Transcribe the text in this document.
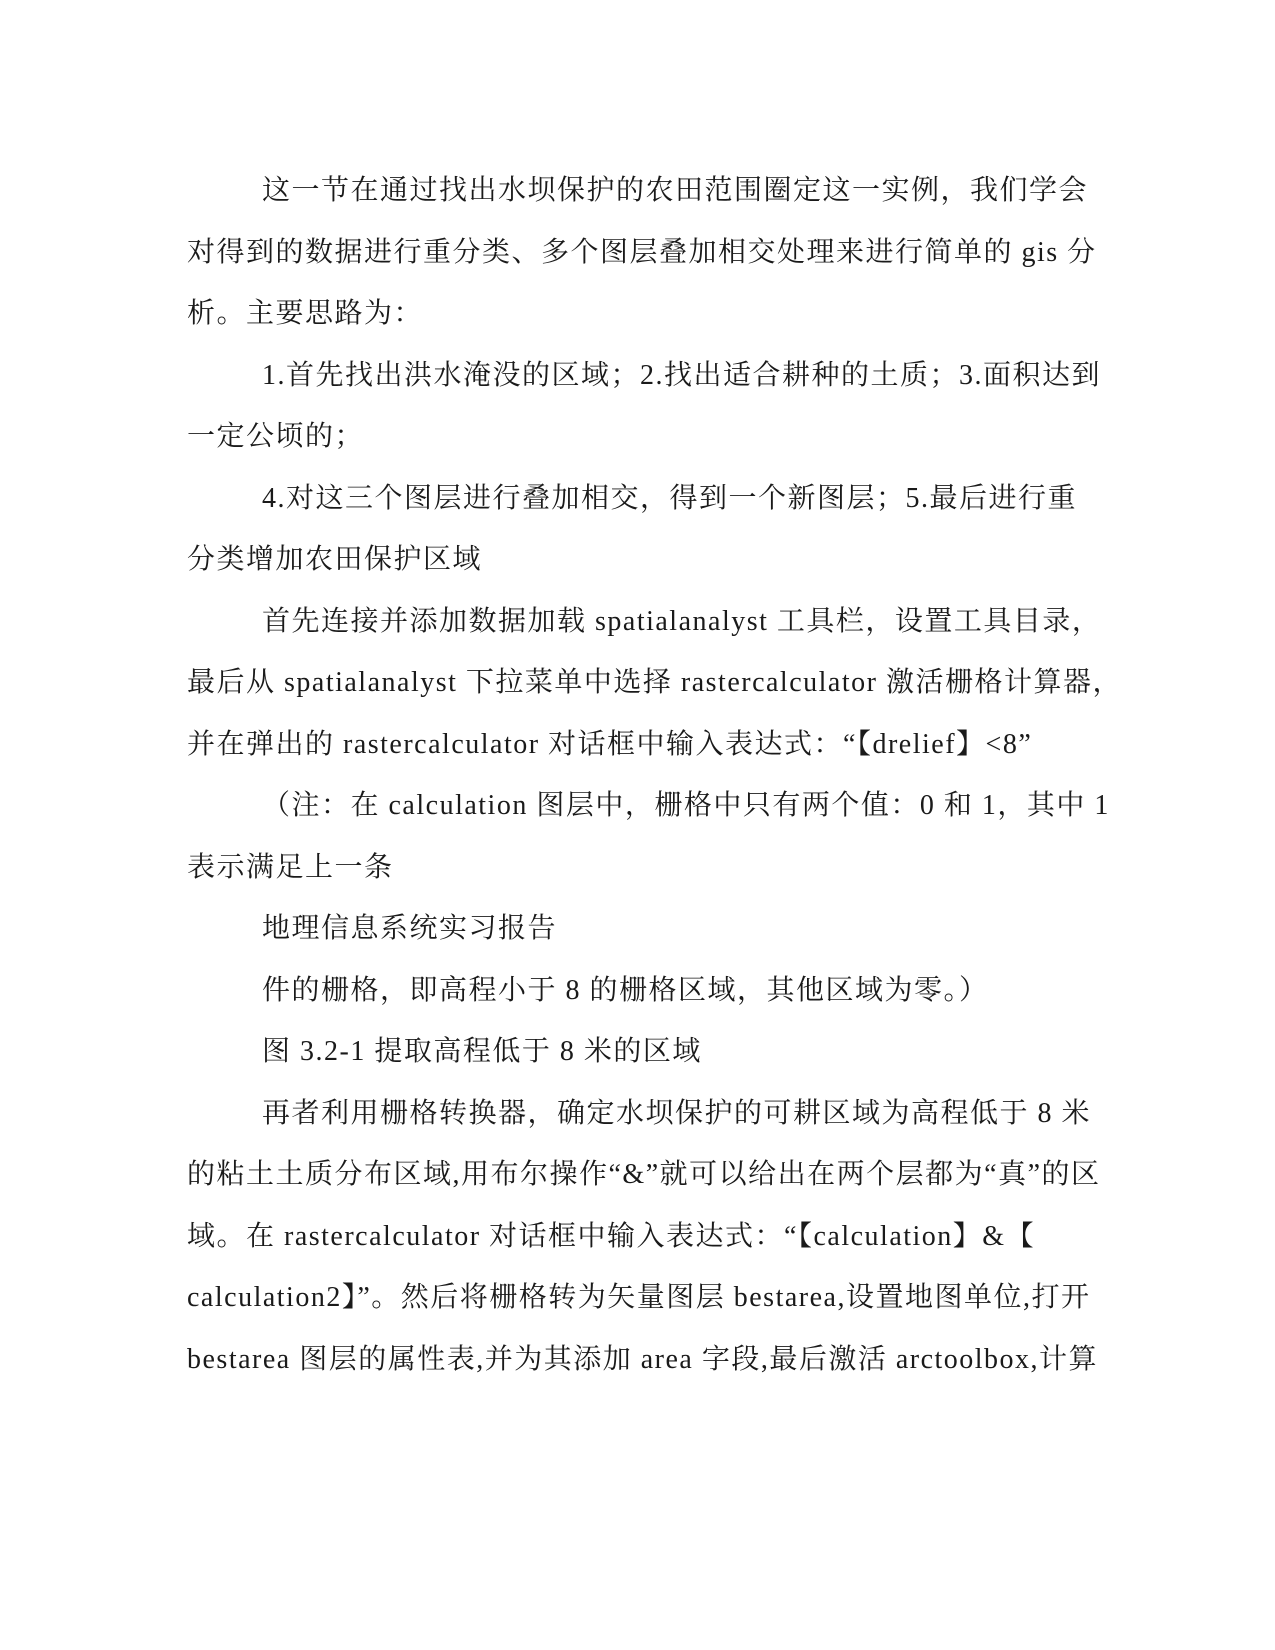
这一节在通过找出水坝保护的农田范围圈定这一实例，我们学会
对得到的数据进行重分类、多个图层叠加相交处理来进行简单的 gis 分
析。主要思路为：

1.首先找出洪水淹没的区域；2.找出适合耕种的土质；3.面积达到
一定公顷的；

4.对这三个图层进行叠加相交，得到一个新图层；5.最后进行重
分类增加农田保护区域

首先连接并添加数据加载 spatialanalyst 工具栏，设置工具目录，
最后从 spatialanalyst 下拉菜单中选择 rastercalculator 激活栅格计算器，
并在弹出的 rastercalculator 对话框中输入表达式：“【drelief】<8”

（注：在 calculation 图层中，栅格中只有两个值：0 和 1，其中 1
表示满足上一条

地理信息系统实习报告

件的栅格，即高程小于 8 的栅格区域，其他区域为零。）

图 3.2-1 提取高程低于 8 米的区域

再者利用栅格转换器，确定水坝保护的可耕区域为高程低于 8 米
的粘土土质分布区域,用布尔操作“&”就可以给出在两个层都为“真”的区
域。在 rastercalculator 对话框中输入表达式：“【calculation】&【
calculation2】”。然后将栅格转为矢量图层 bestarea,设置地图单位,打开
bestarea 图层的属性表,并为其添加 area 字段,最后激活 arctoolbox,计算
